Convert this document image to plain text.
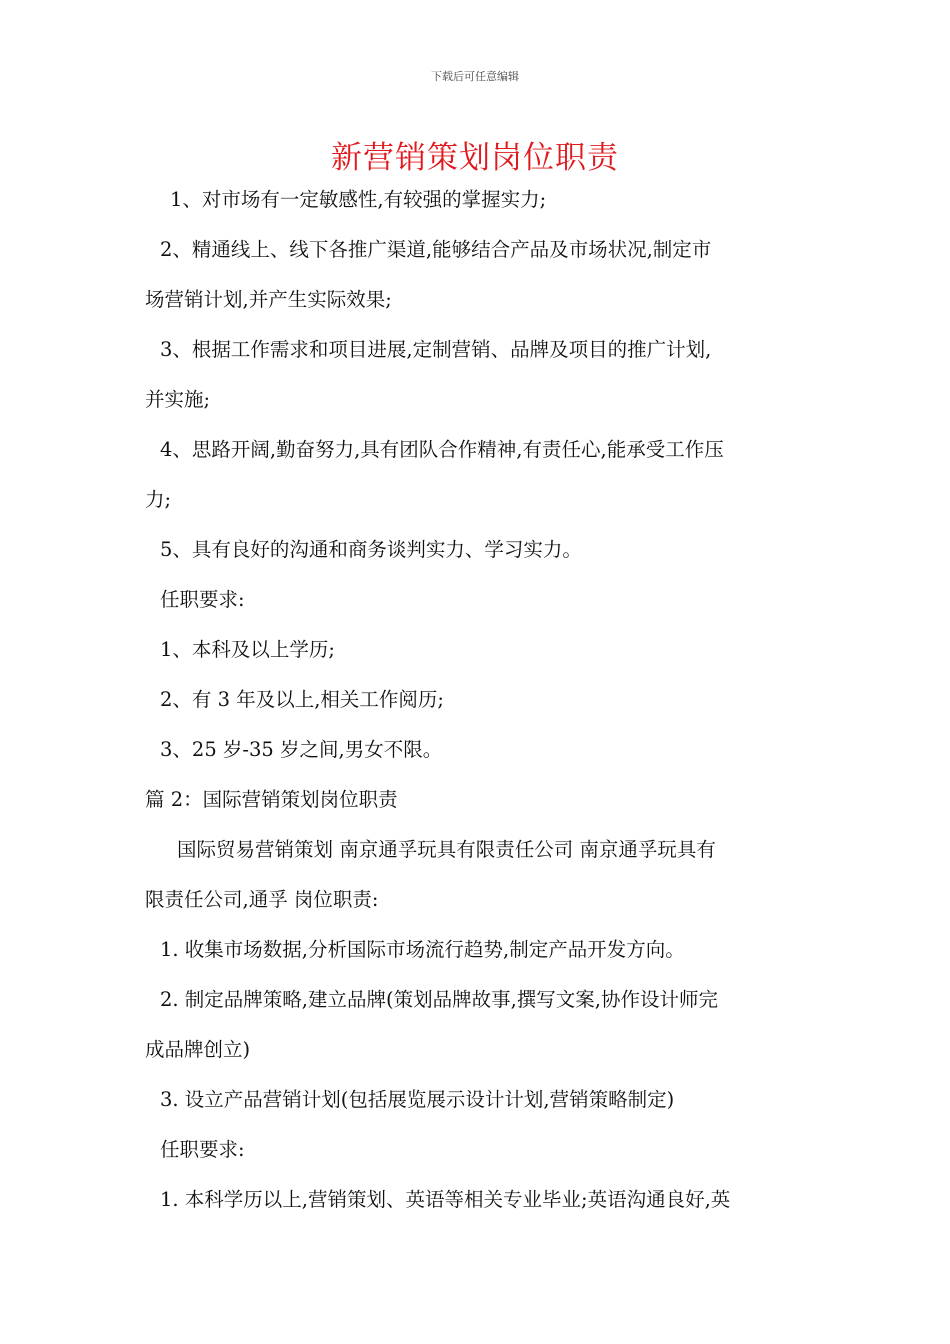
下载后可任意编辑
新营销策划岗位职责
1、对市场有一定敏感性,有较强的掌握实力;
2、精通线上、线下各推广渠道,能够结合产品及市场状况,制定市
场营销计划,并产生实际效果;
3、根据工作需求和项目进展,定制营销、品牌及项目的推广计划,
并实施;
4、思路开阔,勤奋努力,具有团队合作精神,有责任心,能承受工作压
力;
5、具有良好的沟通和商务谈判实力、学习实力。
任职要求:
1、本科及以上学历;
2、有 3 年及以上,相关工作阅历;
3、25 岁-35 岁之间,男女不限。
篇 2：国际营销策划岗位职责
国际贸易营销策划 南京通孚玩具有限责任公司 南京通孚玩具有
限责任公司,通孚 岗位职责:
1. 收集市场数据,分析国际市场流行趋势,制定产品开发方向。
2. 制定品牌策略,建立品牌(策划品牌故事,撰写文案,协作设计师完
成品牌创立)
3. 设立产品营销计划(包括展览展示设计计划,营销策略制定)
任职要求:
1. 本科学历以上,营销策划、英语等相关专业毕业;英语沟通良好,英
